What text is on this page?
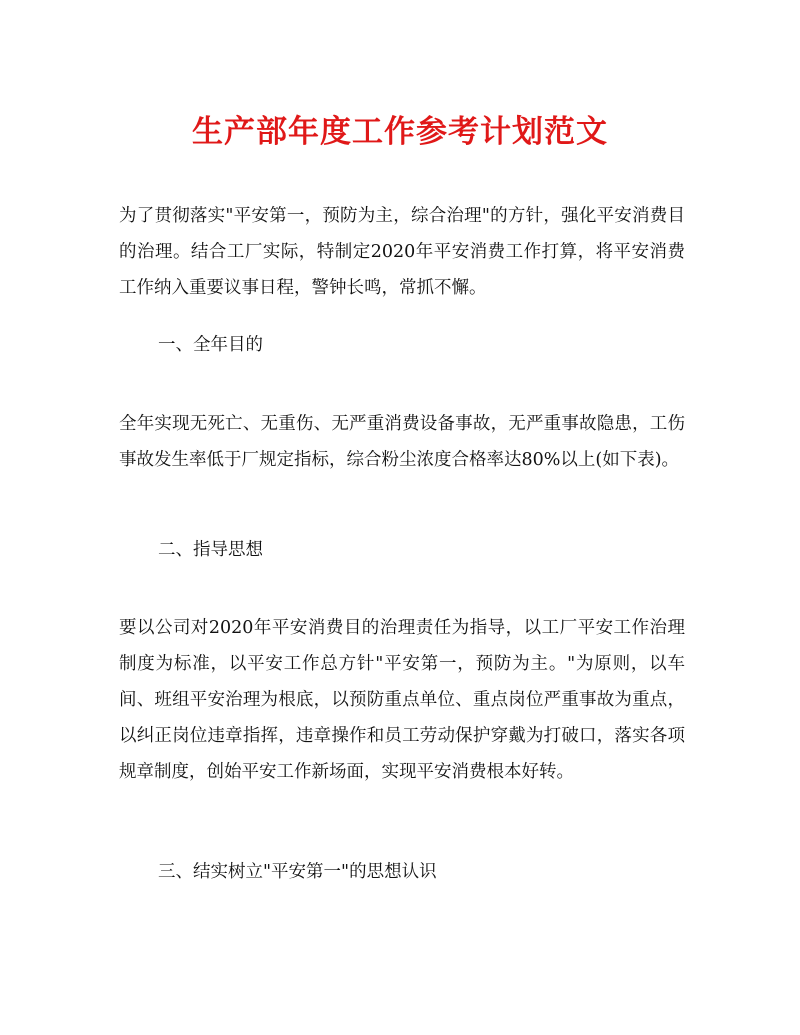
生产部年度工作参考计划范文

为了贯彻落实"平安第一，预防为主，综合治理"的方针，强化平安消费目的治理。结合工厂实际，特制定2020年平安消费工作打算，将平安消费工作纳入重要议事日程，警钟长鸣，常抓不懈。

一、全年目的

全年实现无死亡、无重伤、无严重消费设备事故，无严重事故隐患，工伤事故发生率低于厂规定指标，综合粉尘浓度合格率达80%以上(如下表)。

二、指导思想

要以公司对2020年平安消费目的治理责任为指导，以工厂平安工作治理制度为标准，以平安工作总方针"平安第一，预防为主。"为原则，以车间、班组平安治理为根底，以预防重点单位、重点岗位严重事故为重点，以纠正岗位违章指挥，违章操作和员工劳动保护穿戴为打破口，落实各项规章制度，创始平安工作新场面，实现平安消费根本好转。

三、结实树立"平安第一"的思想认识
